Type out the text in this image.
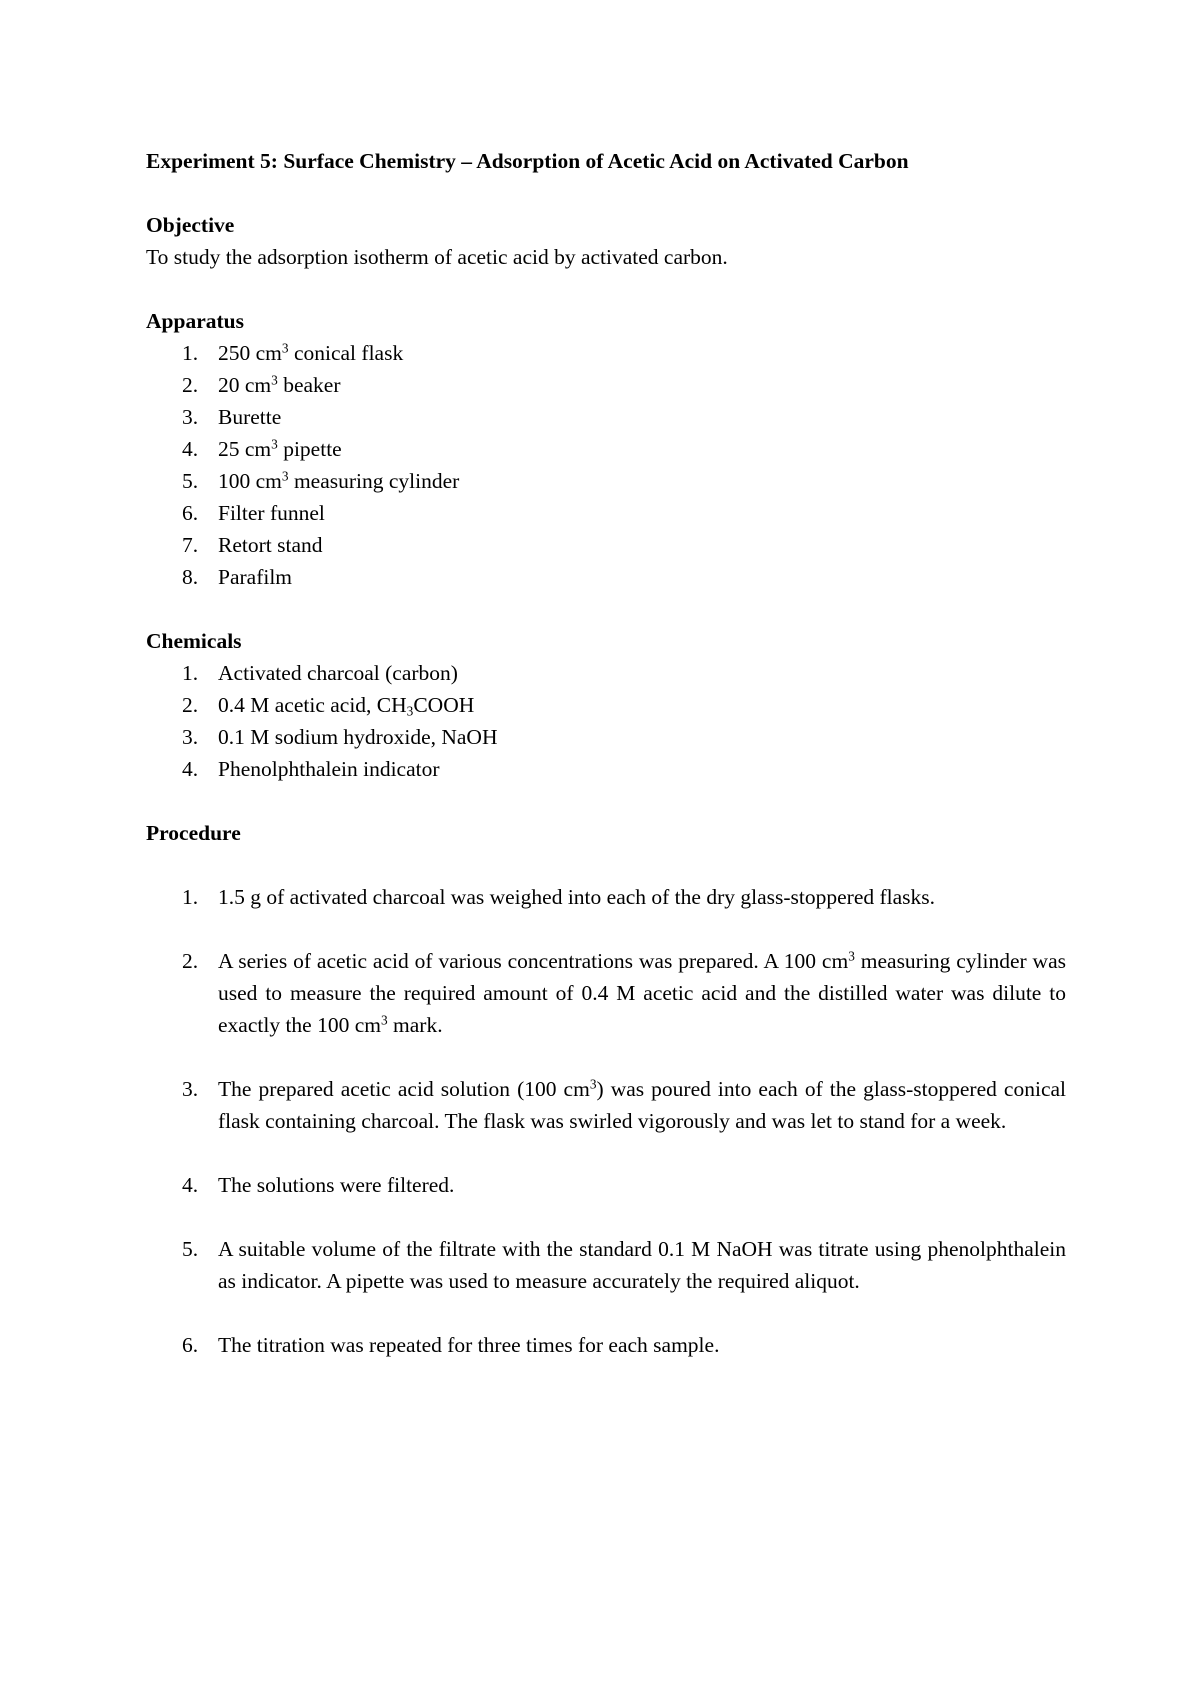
Experiment 5: Surface Chemistry – Adsorption of Acetic Acid on Activated Carbon

Objective

To study the adsorption isotherm of acetic acid by activated carbon.

Apparatus

1. 250 $cm^3$ conical flask
2. 20 $cm^3$ beaker
3. Burette
4. 25 $cm^3$ pipette
5. 100 $cm^3$ measuring cylinder
6. Filter funnel
7. Retort stand
8. Parafilm

Chemicals

1. Activated charcoal (carbon)
2. 0.4 M acetic acid, $CH_3COOH$
3. 0.1 M sodium hydroxide, NaOH
4. Phenolphthalein indicator

Procedure

1. 1.5 g of activated charcoal was weighed into each of the dry glass-stoppered flasks.
2. A series of acetic acid of various concentrations was prepared. A 100 $cm^3$ measuring cylinder was used to measure the required amount of 0.4 M acetic acid and the distilled water was dilute to exactly the 100 $cm^3$ mark.
3. The prepared acetic acid solution (100 $cm^3$) was poured into each of the glass-stoppered conical flask containing charcoal. The flask was swirled vigorously and was let to stand for a week.
4. The solutions were filtered.
5. A suitable volume of the filtrate with the standard 0.1 M NaOH was titrate using phenolphthalein as indicator. A pipette was used to measure accurately the required aliquot.
6. The titration was repeated for three times for each sample.
